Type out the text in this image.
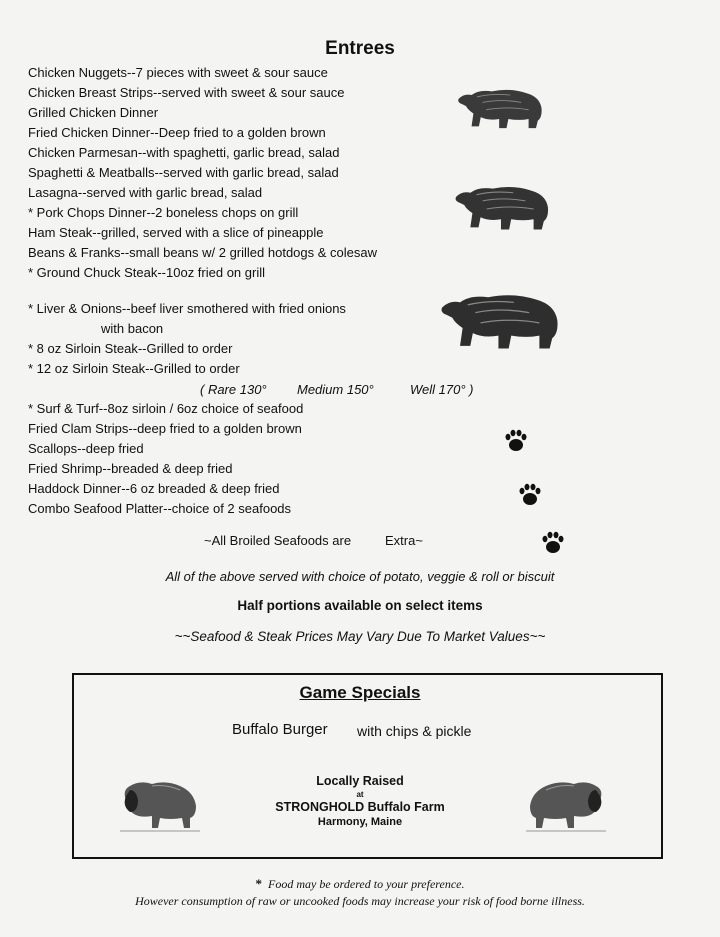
Entrees
Chicken Nuggets--7 pieces with sweet & sour sauce
Chicken Breast Strips--served with sweet & sour sauce
Grilled Chicken Dinner
Fried Chicken Dinner--Deep fried to a golden brown
Chicken Parmesan--with spaghetti, garlic bread, salad
Spaghetti & Meatballs--served with garlic bread, salad
Lasagna--served with garlic bread, salad
* Pork Chops Dinner--2 boneless chops on grill
Ham Steak--grilled, served with a slice of pineapple
Beans & Franks--small beans w/ 2 grilled hotdogs & colesaw
* Ground Chuck Steak--10oz fried on grill
* Liver & Onions--beef liver smothered with fried onions
with bacon
* 8 oz Sirloin Steak--Grilled to order
* 12 oz Sirloin Steak--Grilled to order
( Rare 130° Medium 150°	Well 170° )
* Surf & Turf--8oz sirloin / 6oz choice of seafood
Fried Clam Strips--deep fried to a golden brown
Scallops--deep fried
Fried Shrimp--breaded & deep fried
Haddock Dinner--6 oz breaded & deep fried
Combo Seafood Platter--choice of 2 seafoods
~All Broiled Seafoods are	Extra~
All of the above served with choice of potato, veggie & roll or biscuit
Half portions available on select items
~~Seafood & Steak Prices May Vary Due To Market Values~~
Game Specials
Buffalo Burger with chips & pickle
Locally Raised
at
STRONGHOLD Buffalo Farm
Harmony, Maine
* Food may be ordered to your preference.
However consumption of raw or uncooked foods may increase your risk of food borne illness.
